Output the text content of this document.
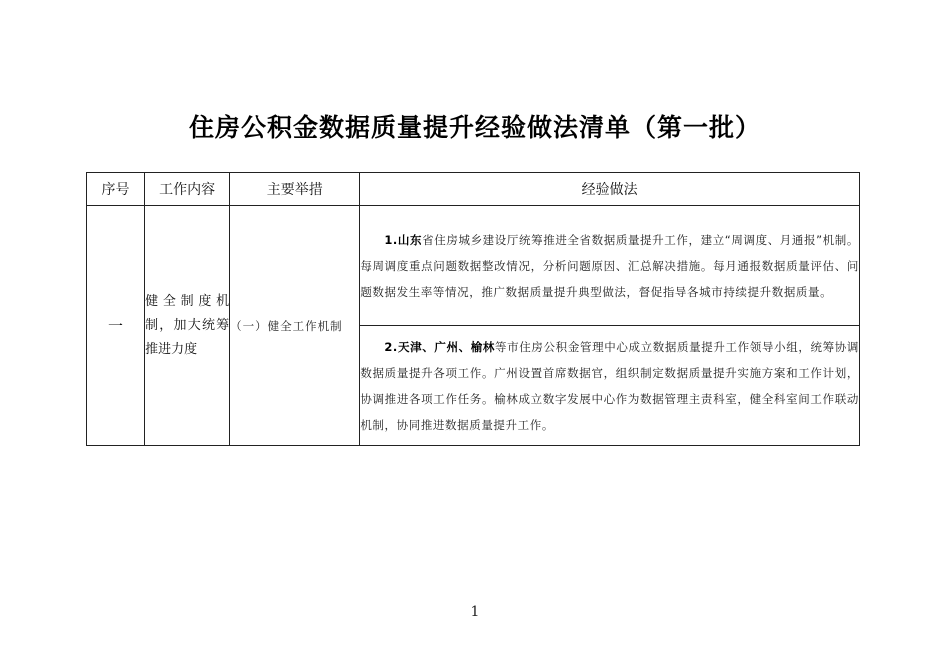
住房公积金数据质量提升经验做法清单（第一批）
序号	工作内容	主要举措	经验做法
一	健全制度机制，加大统筹推进力度	（一）健全工作机制	1.山东省住房城乡建设厅统筹推进全省数据质量提升工作，建立“周调度、月通报”机制。每周调度重点问题数据整改情况，分析问题原因、汇总解决措施。每月通报数据质量评估、问题数据发生率等情况，推广数据质量提升典型做法，督促指导各城市持续提升数据质量。
			2.天津、广州、榆林等市住房公积金管理中心成立数据质量提升工作领导小组，统筹协调数据质量提升各项工作。广州设置首席数据官，组织制定数据质量提升实施方案和工作计划，协调推进各项工作任务。榆林成立数字发展中心作为数据管理主责科室，健全科室间工作联动机制，协同推进数据质量提升工作。
1
